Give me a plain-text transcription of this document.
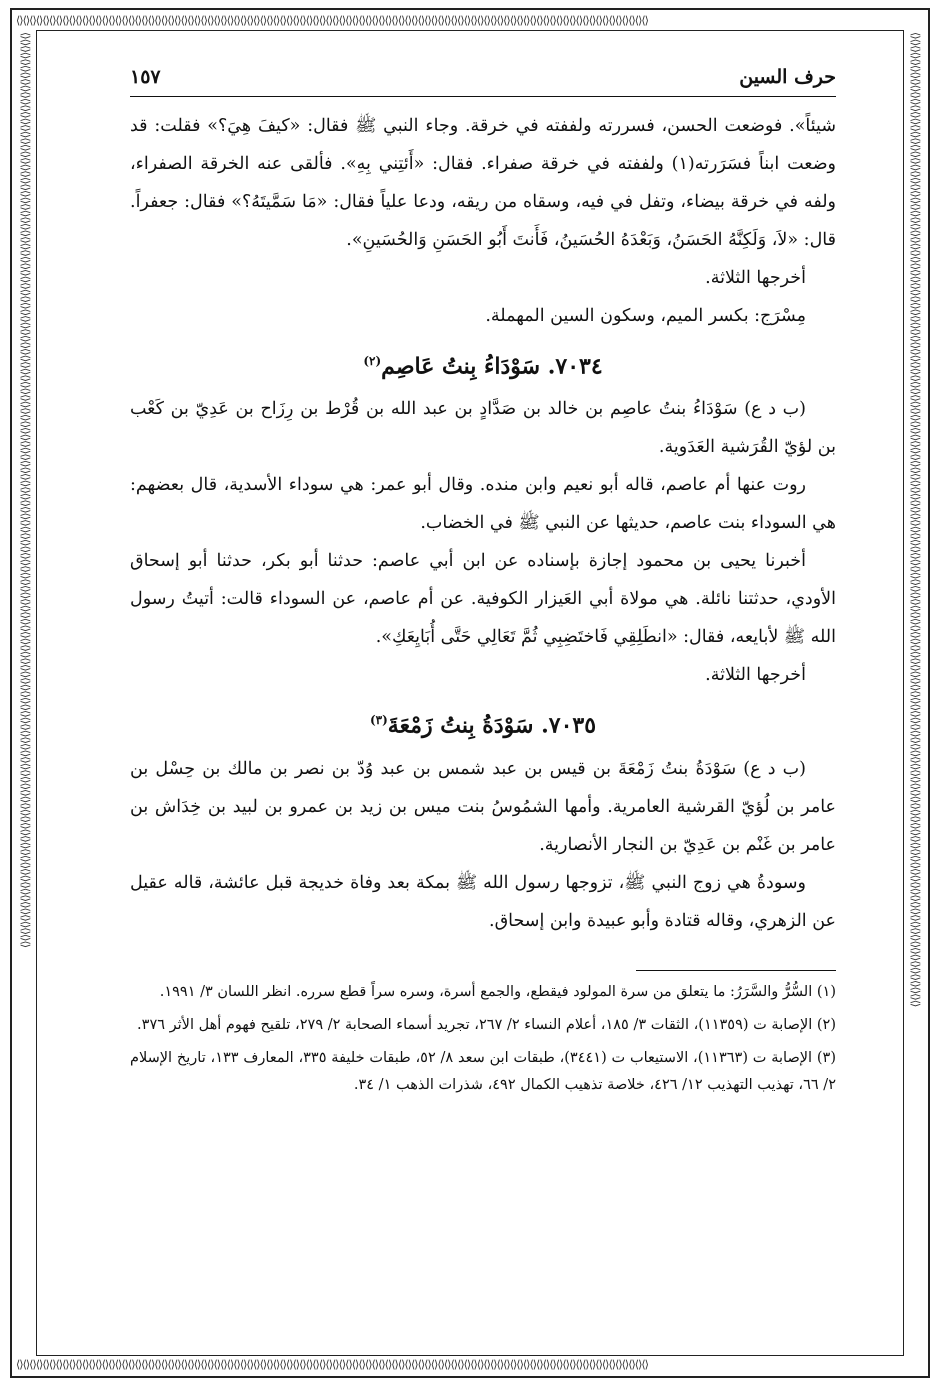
⟨⟩⟨⟩⟨⟩⟨⟩⟨⟩⟨⟩⟨⟩⟨⟩⟨⟩⟨⟩⟨⟩⟨⟩⟨⟩⟨⟩⟨⟩⟨⟩⟨⟩⟨⟩⟨⟩⟨⟩⟨⟩⟨⟩⟨⟩⟨⟩⟨⟩⟨⟩⟨⟩⟨⟩⟨⟩⟨⟩⟨⟩⟨⟩⟨⟩⟨⟩⟨⟩⟨⟩⟨⟩⟨⟩⟨⟩⟨⟩⟨⟩⟨⟩⟨⟩⟨⟩⟨⟩⟨⟩⟨⟩⟨⟩⟨⟩⟨⟩⟨⟩⟨⟩⟨⟩⟨⟩⟨⟩⟨⟩⟨⟩⟨⟩⟨⟩⟨⟩⟨⟩⟨⟩⟨⟩⟨⟩⟨⟩⟨⟩⟨⟩⟨⟩⟨⟩⟨⟩⟨⟩⟨⟩⟨⟩⟨⟩⟨⟩⟨⟩⟨⟩⟨⟩⟨⟩⟨⟩⟨⟩⟨⟩⟨⟩⟨⟩⟨⟩⟨⟩⟨⟩⟨⟩⟨⟩⟨⟩⟨⟩⟨⟩⟨⟩⟨⟩⟨⟩⟨⟩
⟨⟩⟨⟩⟨⟩⟨⟩⟨⟩⟨⟩⟨⟩⟨⟩⟨⟩⟨⟩⟨⟩⟨⟩⟨⟩⟨⟩⟨⟩⟨⟩⟨⟩⟨⟩⟨⟩⟨⟩⟨⟩⟨⟩⟨⟩⟨⟩⟨⟩⟨⟩⟨⟩⟨⟩⟨⟩⟨⟩⟨⟩⟨⟩⟨⟩⟨⟩⟨⟩⟨⟩⟨⟩⟨⟩⟨⟩⟨⟩⟨⟩⟨⟩⟨⟩⟨⟩⟨⟩⟨⟩⟨⟩⟨⟩⟨⟩⟨⟩⟨⟩⟨⟩⟨⟩⟨⟩⟨⟩⟨⟩⟨⟩⟨⟩⟨⟩⟨⟩⟨⟩⟨⟩⟨⟩⟨⟩⟨⟩⟨⟩⟨⟩⟨⟩⟨⟩⟨⟩⟨⟩⟨⟩⟨⟩⟨⟩⟨⟩⟨⟩⟨⟩⟨⟩⟨⟩⟨⟩⟨⟩⟨⟩⟨⟩⟨⟩⟨⟩⟨⟩⟨⟩⟨⟩⟨⟩⟨⟩⟨⟩⟨⟩⟨⟩⟨⟩⟨⟩⟨⟩
⟨⟩⟨⟩⟨⟩⟨⟩⟨⟩⟨⟩⟨⟩⟨⟩⟨⟩⟨⟩⟨⟩⟨⟩⟨⟩⟨⟩⟨⟩⟨⟩⟨⟩⟨⟩⟨⟩⟨⟩⟨⟩⟨⟩⟨⟩⟨⟩⟨⟩⟨⟩⟨⟩⟨⟩⟨⟩⟨⟩⟨⟩⟨⟩⟨⟩⟨⟩⟨⟩⟨⟩⟨⟩⟨⟩⟨⟩⟨⟩⟨⟩⟨⟩⟨⟩⟨⟩⟨⟩⟨⟩⟨⟩⟨⟩⟨⟩⟨⟩⟨⟩⟨⟩⟨⟩⟨⟩⟨⟩⟨⟩⟨⟩⟨⟩⟨⟩⟨⟩⟨⟩⟨⟩⟨⟩⟨⟩⟨⟩⟨⟩⟨⟩⟨⟩⟨⟩⟨⟩⟨⟩⟨⟩⟨⟩⟨⟩⟨⟩⟨⟩⟨⟩⟨⟩⟨⟩⟨⟩⟨⟩⟨⟩⟨⟩⟨⟩⟨⟩⟨⟩⟨⟩⟨⟩⟨⟩⟨⟩⟨⟩⟨⟩⟨⟩⟨⟩⟨⟩⟨⟩⟨⟩⟨⟩⟨⟩⟨⟩⟨⟩⟨⟩⟨⟩⟨⟩⟨⟩⟨⟩⟨⟩⟨⟩⟨⟩⟨⟩⟨⟩⟨⟩⟨⟩⟨⟩⟨⟩⟨⟩⟨⟩⟨⟩⟨⟩⟨⟩⟨⟩⟨⟩⟨⟩⟨⟩⟨⟩⟨⟩⟨⟩⟨⟩⟨⟩⟨⟩⟨⟩⟨⟩⟨⟩⟨⟩⟨⟩⟨⟩⟨⟩⟨⟩⟨⟩	⟨⟩⟨⟩⟨⟩⟨⟩⟨⟩⟨⟩⟨⟩⟨⟩⟨⟩⟨⟩⟨⟩⟨⟩⟨⟩⟨⟩⟨⟩⟨⟩⟨⟩⟨⟩⟨⟩⟨⟩⟨⟩⟨⟩⟨⟩⟨⟩⟨⟩⟨⟩⟨⟩⟨⟩⟨⟩⟨⟩⟨⟩⟨⟩⟨⟩⟨⟩⟨⟩⟨⟩⟨⟩⟨⟩⟨⟩⟨⟩⟨⟩⟨⟩⟨⟩⟨⟩⟨⟩⟨⟩⟨⟩⟨⟩⟨⟩⟨⟩⟨⟩⟨⟩⟨⟩⟨⟩⟨⟩⟨⟩⟨⟩⟨⟩⟨⟩⟨⟩⟨⟩⟨⟩⟨⟩⟨⟩⟨⟩⟨⟩⟨⟩⟨⟩⟨⟩⟨⟩⟨⟩⟨⟩⟨⟩⟨⟩⟨⟩⟨⟩⟨⟩⟨⟩⟨⟩⟨⟩⟨⟩⟨⟩⟨⟩⟨⟩⟨⟩⟨⟩⟨⟩⟨⟩⟨⟩⟨⟩⟨⟩⟨⟩⟨⟩⟨⟩⟨⟩⟨⟩⟨⟩⟨⟩⟨⟩⟨⟩⟨⟩⟨⟩⟨⟩⟨⟩⟨⟩⟨⟩⟨⟩⟨⟩⟨⟩⟨⟩⟨⟩⟨⟩⟨⟩⟨⟩⟨⟩⟨⟩⟨⟩⟨⟩⟨⟩⟨⟩⟨⟩⟨⟩⟨⟩⟨⟩⟨⟩⟨⟩⟨⟩⟨⟩⟨⟩⟨⟩⟨⟩⟨⟩⟨⟩⟨⟩⟨⟩⟨⟩⟨⟩⟨⟩⟨⟩⟨⟩⟨⟩⟨⟩⟨⟩⟨⟩⟨⟩⟨⟩⟨⟩⟨⟩
حرف السين
١٥٧

شيئاً». فوضعت الحسن، فسررته ولففته في خرقة. وجاء النبي ﷺ فقال: «كيفَ هِيَ؟» فقلت: قد وضعت ابناً فسَرَرته(١) ولففته في خرقة صفراء. فقال: «أَئتِني بِهِ». فألقى عنه الخرقة الصفراء، ولفه في خرقة بيضاء، وتفل في فيه، وسقاه من ريقه، ودعا علياً فقال: «مَا سَمَّيتَهُ؟» فقال: جعفراً. قال: «لاَ، وَلَكِنَّهُ الحَسَنُ، وَبَعْدَهُ الحُسَينُ، فَأَنتَ أَبُو الحَسَنِ وَالحُسَينِ».

أخرجها الثلاثة.

مِسْرَج: بكسر الميم، وسكون السين المهملة.

٧٠٣٤. سَوْدَاءُ بِنتُ عَاصِم$^{(٢)}$

(ب د ع) سَوْدَاءُ بنتُ عاصِم بن خالد بن صَدَّادٍ بن عبد الله بن قُرْط بن رِزَاح بن عَدِيّ بن كَعْب بن لؤيّ القُرَشية العَدَوية.

روت عنها أم عاصم، قاله أبو نعيم وابن منده. وقال أبو عمر: هي سوداء الأسدية، قال بعضهم: هي السوداء بنت عاصم، حديثها عن النبي ﷺ في الخضاب.

أخبرنا يحيى بن محمود إجازة بإسناده عن ابن أبي عاصم: حدثنا أبو بكر، حدثنا أبو إسحاق الأودي، حدثتنا نائلة. هي مولاة أبي العَيزار الكوفية. عن أم عاصم، عن السوداء قالت: أتيتُ رسول الله ﷺ لأبايعه، فقال: «انطَلِقِي فَاختَضِبِي ثُمَّ تَعَالِي حَتَّى أُبَايِعَكِ».

أخرجها الثلاثة.

٧٠٣٥. سَوْدَةُ بِنتُ زَمْعَةَ$^{(٣)}$

(ب د ع) سَوْدَةُ بنتُ زَمْعَةَ بن قيس بن عبد شمس بن عبد وُدّ بن نصر بن مالك بن حِسْل بن عامر بن لُؤيّ القرشية العامرية. وأمها الشمُوسُ بنت ميس بن زيد بن عمرو بن لبيد بن خِدَاش بن عامر بن غَنْم بن عَدِيّ بن النجار الأنصارية.

وسودةُ هي زوج النبي ﷺ، تزوجها رسول الله ﷺ بمكة بعد وفاة خديجة قبل عائشة، قاله عقيل عن الزهري، وقاله قتادة وأبو عبيدة وابن إسحاق.

(١) السُّرُّ والسَّرَرُ: ما يتعلق من سرة المولود فيقطع، والجمع أسرة، وسره سراً قطع سرره. انظر اللسان ٣/ ١٩٩١.

(٢) الإصابة ت (١١٣٥٩)، الثقات ٣/ ١٨٥، أعلام النساء ٢/ ٢٦٧، تجريد أسماء الصحابة ٢/ ٢٧٩، تلقيح فهوم أهل الأثر ٣٧٦.

(٣) الإصابة ت (١١٣٦٣)، الاستيعاب ت (٣٤٤١)، طبقات ابن سعد ٨/ ٥٢، طبقات خليفة ٣٣٥، المعارف ١٣٣، تاريخ الإسلام ٢/ ٦٦، تهذيب التهذيب ١٢/ ٤٢٦، خلاصة تذهيب الكمال ٤٩٢، شذرات الذهب ١/ ٣٤.
